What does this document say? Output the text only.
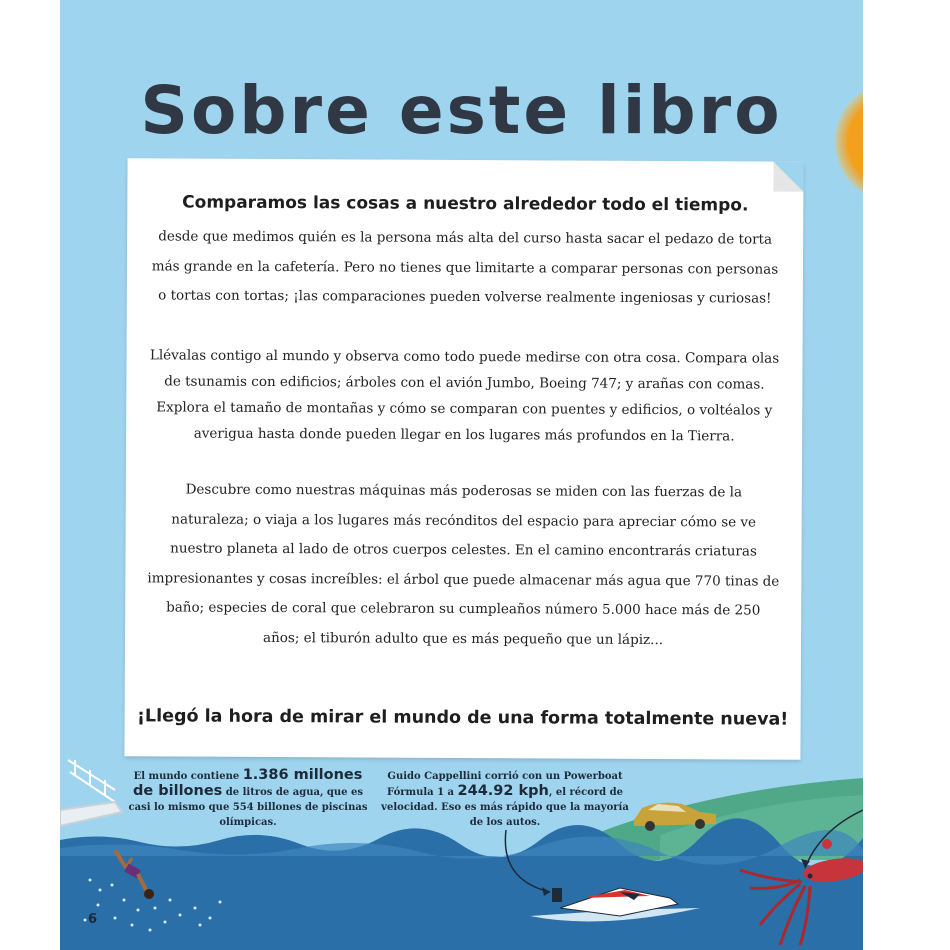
Sobre este libro
Comparamos las cosas a nuestro alrededor todo el tiempo.
desde que medimos quién es la persona más alta del curso hasta sacar el pedazo de torta más grande en la cafetería. Pero no tienes que limitarte a comparar personas con personas o tortas con tortas; ¡las comparaciones pueden volverse realmente ingeniosas y curiosas!
Llévalas contigo al mundo y observa como todo puede medirse con otra cosa. Compara olas de tsunamis con edificios; árboles con el avión Jumbo, Boeing 747; y arañas con comas. Explora el tamaño de montañas y cómo se comparan con puentes y edificios, o voltéalos y averigua hasta donde pueden llegar en los lugares más profundos en la Tierra.
Descubre como nuestras máquinas más poderosas se miden con las fuerzas de la naturaleza; o viaja a los lugares más recónditos del espacio para apreciar cómo se ve nuestro planeta al lado de otros cuerpos celestes. En el camino encontrarás criaturas impresionantes y cosas increíbles: el árbol que puede almacenar más agua que 770 tinas de baño; especies de coral que celebraron su cumpleaños número 5.000 hace más de 250 años; el tiburón adulto que es más pequeño que un lápiz...
¡Llegó la hora de mirar el mundo de una forma totalmente nueva!
El mundo contiene 1.386 millones de billones de litros de agua, que es casi lo mismo que 554 billones de piscinas olímpicas.
Guido Cappellini corrió con un Powerboat Fórmula 1 a 244.92 kph, el récord de velocidad. Eso es más rápido que la mayoría de los autos.
6
